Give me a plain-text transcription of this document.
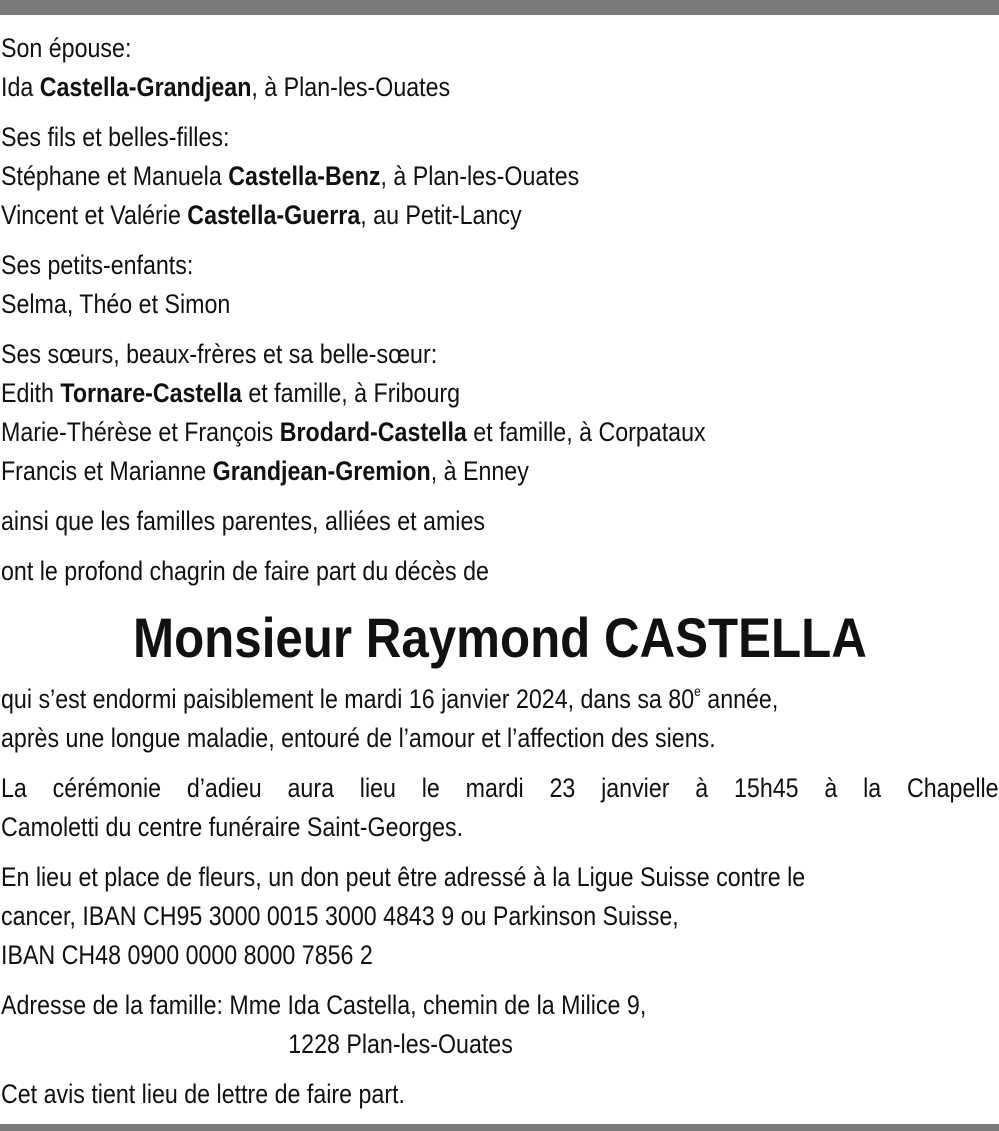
Son épouse:
Ida Castella-Grandjean, à Plan-les-Ouates
Ses fils et belles-filles:
Stéphane et Manuela Castella-Benz, à Plan-les-Ouates
Vincent et Valérie Castella-Guerra, au Petit-Lancy
Ses petits-enfants:
Selma, Théo et Simon
Ses sœurs, beaux-frères et sa belle-sœur:
Edith Tornare-Castella et famille, à Fribourg
Marie-Thérèse et François Brodard-Castella et famille, à Corpataux
Francis et Marianne Grandjean-Gremion, à Enney
ainsi que les familles parentes, alliées et amies
ont le profond chagrin de faire part du décès de
Monsieur Raymond CASTELLA
qui s’est endormi paisiblement le mardi 16 janvier 2024, dans sa 80e année,
après une longue maladie, entouré de l’amour et l’affection des siens.
La cérémonie d’adieu aura lieu le mardi 23 janvier à 15h45 à la Chapelle
Camoletti du centre funéraire Saint-Georges.
En lieu et place de fleurs, un don peut être adressé à la Ligue Suisse contre le
cancer, IBAN CH95 3000 0015 3000 4843 9 ou Parkinson Suisse,
IBAN CH48 0900 0000 8000 7856 2
Adresse de la famille: Mme Ida Castella, chemin de la Milice 9,
1228 Plan-les-Ouates
Cet avis tient lieu de lettre de faire part.
